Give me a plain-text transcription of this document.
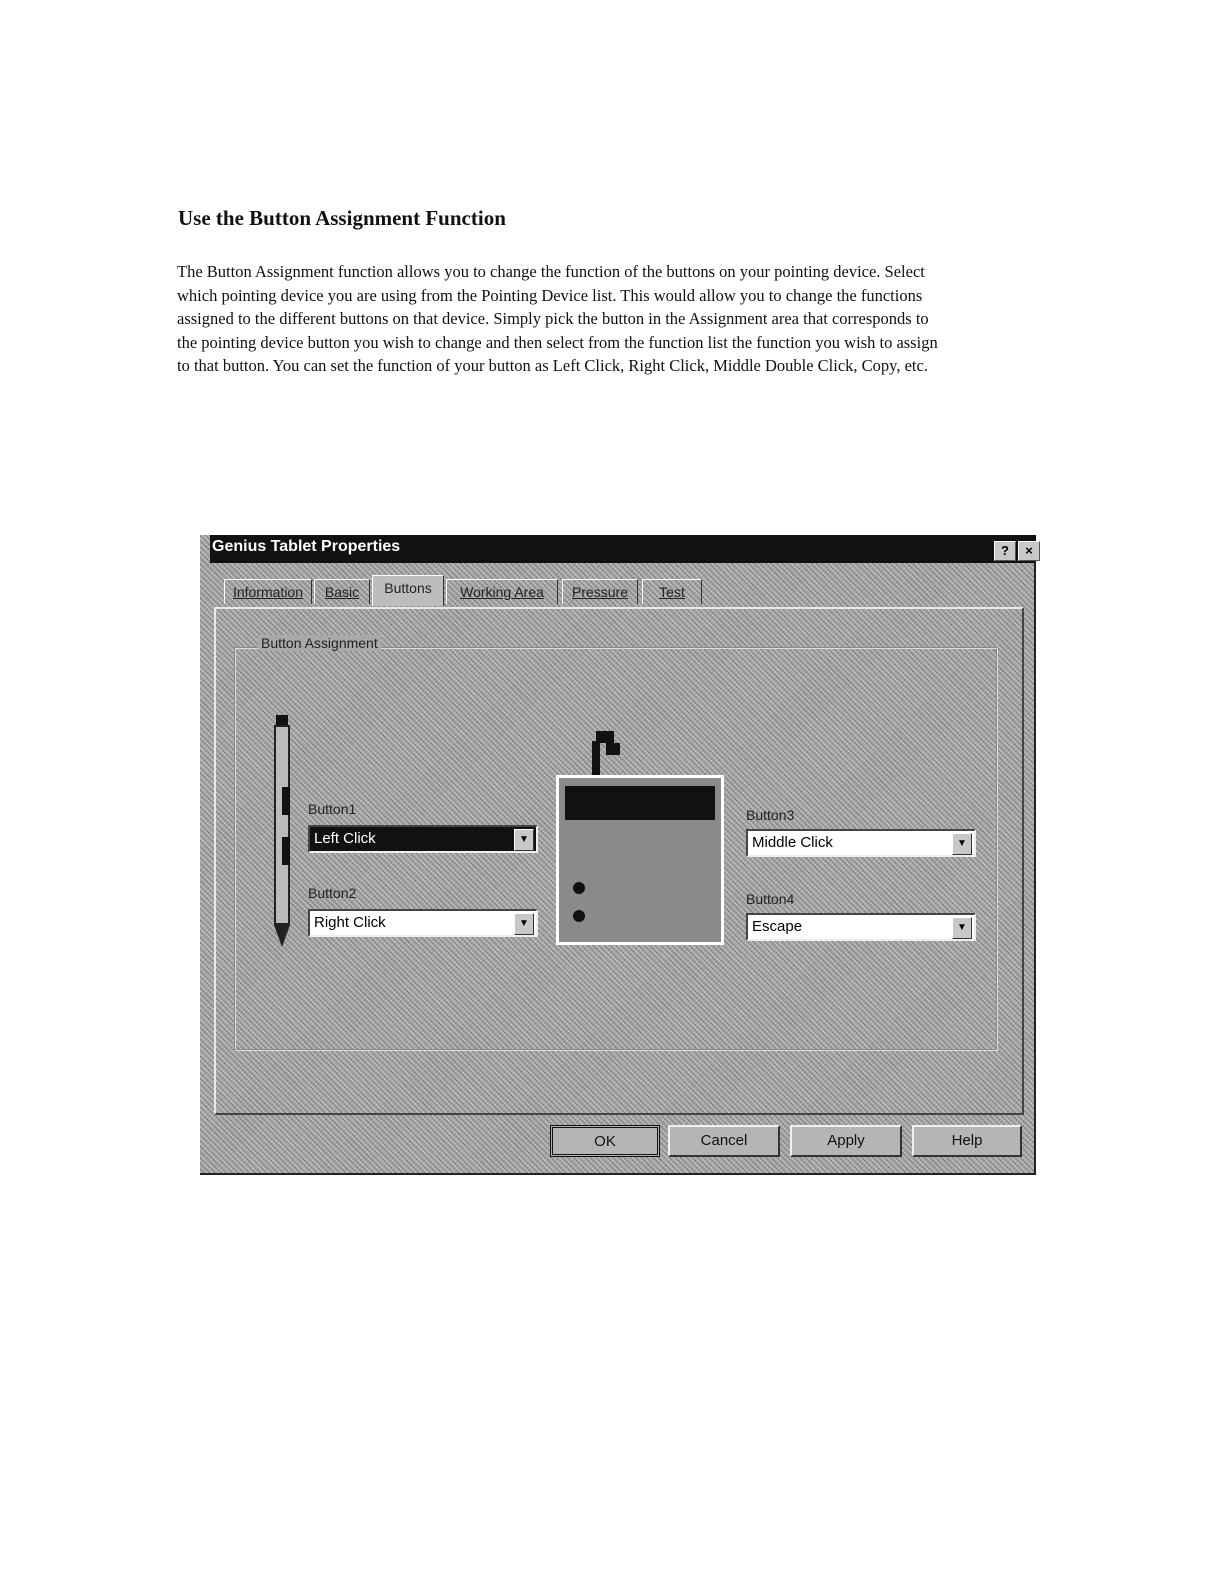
Use the Button Assignment Function

The Button Assignment function allows you to change the function of the buttons on your pointing device. Select
which pointing device you are using from the Pointing Device list. This would allow you to change the functions
assigned to the different buttons on that device. Simply pick the button in the Assignment area that corresponds to
the pointing device button you wish to change and then select from the function list the function you wish to assign
to that button. You can set the function of your button as Left Click, Right Click, Middle Double Click, Copy, etc.

Genius Tablet Properties	?	×
Information	Basic	Buttons	Working Area	Pressure	Test
Button Assignment
Button1
Left Click	▼
Button2
Right Click	▼
Button3
Middle Click	▼
Button4
Escape	▼
OK	Cancel	Apply	Help
